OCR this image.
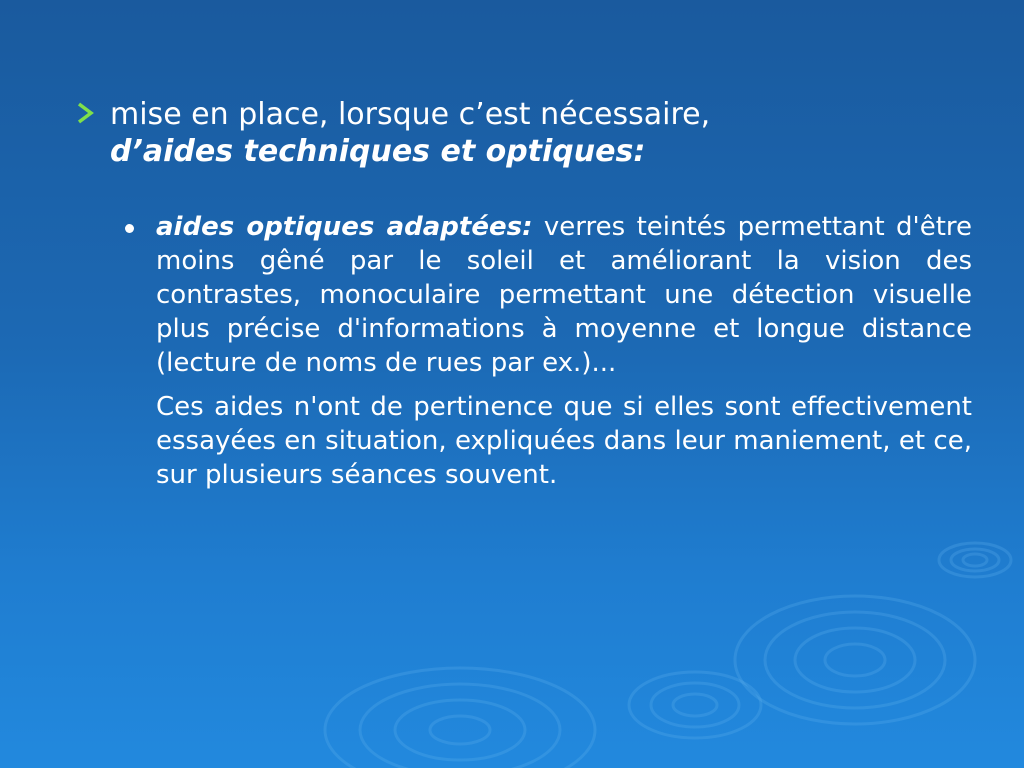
mise en place, lorsque c’est nécessaire,
d’aides techniques et optiques:

aides optiques adaptées: verres teintés permettant d'être moins gêné par le soleil et améliorant la vision des contrastes, monoculaire permettant une détection visuelle plus précise d'informations à moyenne et longue distance (lecture de noms de rues par ex.)...

Ces aides n'ont de pertinence que si elles sont effectivement essayées en situation, expliquées dans leur maniement, et ce, sur plusieurs séances souvent.
